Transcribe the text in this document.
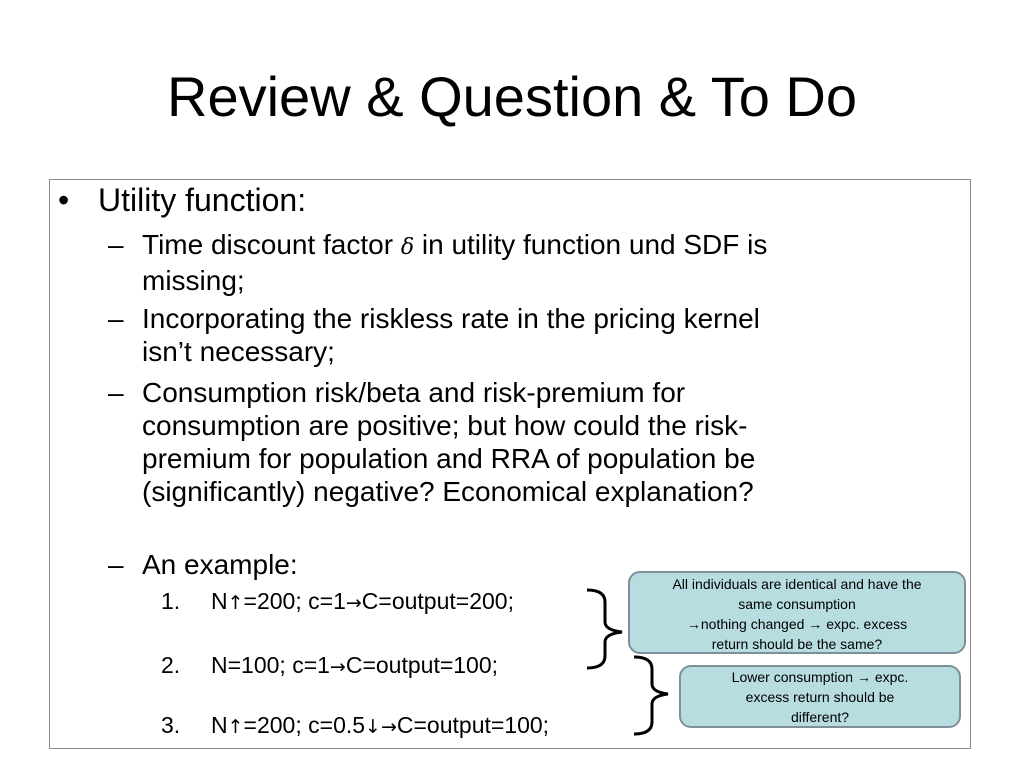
Review & Question & To Do
• Utility function:
– Time discount factor δ in utility function und SDF is
missing;
– Incorporating the riskless rate in the pricing kernel
isn’t necessary;
– Consumption risk/beta and risk-premium for
consumption are positive; but how could the risk-
premium for population and RRA of population be
(significantly) negative? Economical explanation?
– An example:
1. N↑=200; c=1→C=output=200;
2. N=100; c=1→C=output=100;
3. N↑=200; c=0.5↓→C=output=100;
All individuals are identical and have the
same consumption
→nothing changed → expc. excess
return should be the same?
Lower consumption → expc.
excess return should be
different?
